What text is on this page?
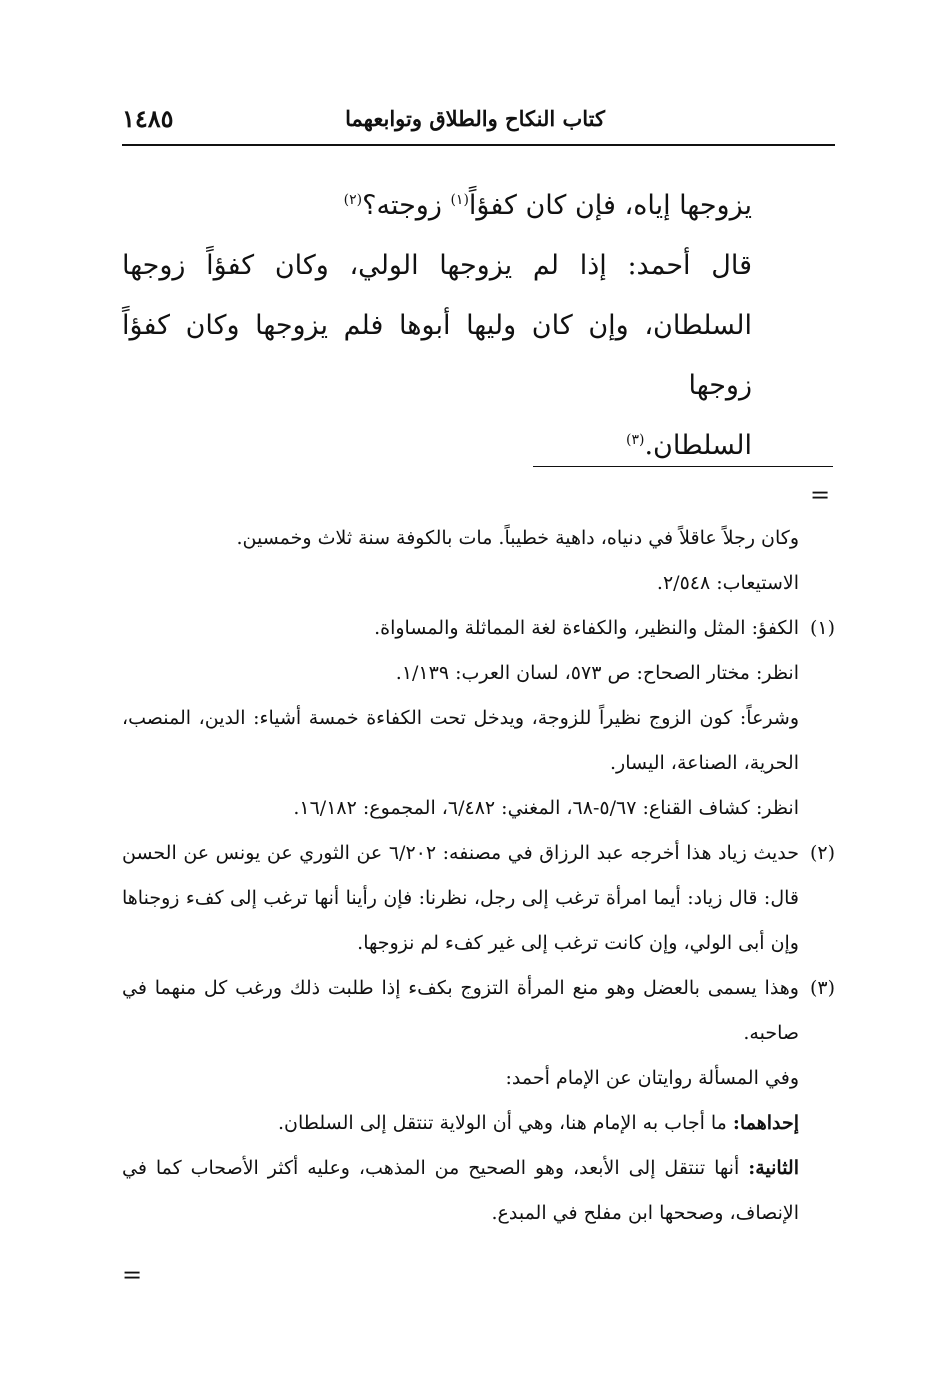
كتاب النكاح والطلاق وتوابعهما
١٤٨٥

يزوجها إياه، فإن كان كفؤاً$^{(١)}$ زوجته؟$^{(٢)}$

قال أحمد: إذا لم يزوجها الولي، وكان كفؤاً زوجها السلطان، وإن كان وليها أبوها فلم يزوجها وكان كفؤاً زوجها

السلطان.$^{(٣)}$

=

وكان رجلاً عاقلاً في دنياه، داهية خطيباً. مات بالكوفة سنة ثلاث وخمسين.

الاستيعاب: ٢/٥٤٨.

(١)

الكفؤ: المثل والنظير، والكفاءة لغة المماثلة والمساواة.

انظر: مختار الصحاح: ص ٥٧٣، لسان العرب: ١/١٣٩.

وشرعاً: كون الزوج نظيراً للزوجة، ويدخل تحت الكفاءة خمسة أشياء: الدين، المنصب، الحرية، الصناعة، اليسار.

انظر: كشاف القناع: ٥/٦٧-٦٨، المغني: ٦/٤٨٢، المجموع: ١٦/١٨٢.

(٢)

حديث زياد هذا أخرجه عبد الرزاق في مصنفه: ٦/٢٠٢ عن الثوري عن يونس عن الحسن قال: قال زياد: أيما امرأة ترغب إلى رجل، نظرنا: فإن رأينا أنها ترغب إلى كفء زوجناها وإن أبى الولي، وإن كانت ترغب إلى غير كفء لم نزوجها.

(٣)

وهذا يسمى بالعضل وهو منع المرأة التزوج بكفء إذا طلبت ذلك ورغب كل منهما في صاحبه.

وفي المسألة روايتان عن الإمام أحمد:

إحداهما: ما أجاب به الإمام هنا، وهي أن الولاية تنتقل إلى السلطان.

الثانية: أنها تنتقل إلى الأبعد، وهو الصحيح من المذهب، وعليه أكثر الأصحاب كما في الإنصاف، وصححها ابن مفلح في المبدع.

=
